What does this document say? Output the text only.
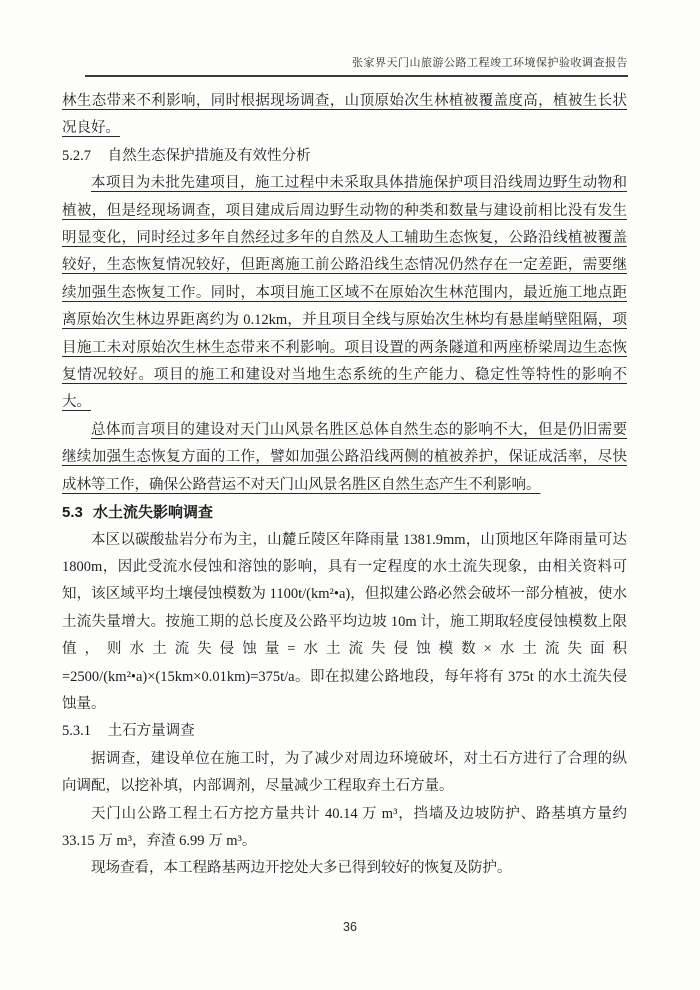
张家界天门山旅游公路工程竣工环境保护验收调查报告

林生态带来不利影响，同时根据现场调查，山顶原始次生林植被覆盖度高，植被生长状况良好。

5.2.7 自然生态保护措施及有效性分析

本项目为未批先建项目，施工过程中未采取具体措施保护项目沿线周边野生动物和植被，但是经现场调查，项目建成后周边野生动物的种类和数量与建设前相比没有发生明显变化，同时经过多年自然经过多年的自然及人工辅助生态恢复，公路沿线植被覆盖较好，生态恢复情况较好，但距离施工前公路沿线生态情况仍然存在一定差距，需要继续加强生态恢复工作。同时，本项目施工区域不在原始次生林范围内，最近施工地点距离原始次生林边界距离约为 0.12km，并且项目全线与原始次生林均有悬崖峭壁阻隔，项目施工未对原始次生林生态带来不利影响。项目设置的两条隧道和两座桥梁周边生态恢复情况较好。项目的施工和建设对当地生态系统的生产能力、稳定性等特性的影响不大。

总体而言项目的建设对天门山风景名胜区总体自然生态的影响不大，但是仍旧需要继续加强生态恢复方面的工作，譬如加强公路沿线两侧的植被养护，保证成活率，尽快成林等工作，确保公路营运不对天门山风景名胜区自然生态产生不利影响。

5.3 水土流失影响调查

本区以碳酸盐岩分布为主，山麓丘陵区年降雨量 1381.9mm，山顶地区年降雨量可达 1800m，因此受流水侵蚀和溶蚀的影响，具有一定程度的水土流失现象，由相关资料可知，该区域平均土壤侵蚀模数为 1100t/(km²•a)，但拟建公路必然会破坏一部分植被，使水土流失量增大。按施工期的总长度及公路平均边坡 10m 计，施工期取轻度侵蚀模数上限值，则水土流失侵蚀量=水土流失侵蚀模数×水土流失面积=2500/(km²•a)×(15km×0.01km)=375t/a。即在拟建公路地段，每年将有 375t 的水土流失侵蚀量。

5.3.1 土石方量调查

据调查，建设单位在施工时，为了减少对周边环境破坏，对土石方进行了合理的纵向调配，以挖补填，内部调剂，尽量减少工程取弃土石方量。

天门山公路工程土石方挖方量共计 40.14 万 m³，挡墙及边坡防护、路基填方量约 33.15 万 m³，弃渣 6.99 万 m³。

现场查看，本工程路基两边开挖处大多已得到较好的恢复及防护。

36
